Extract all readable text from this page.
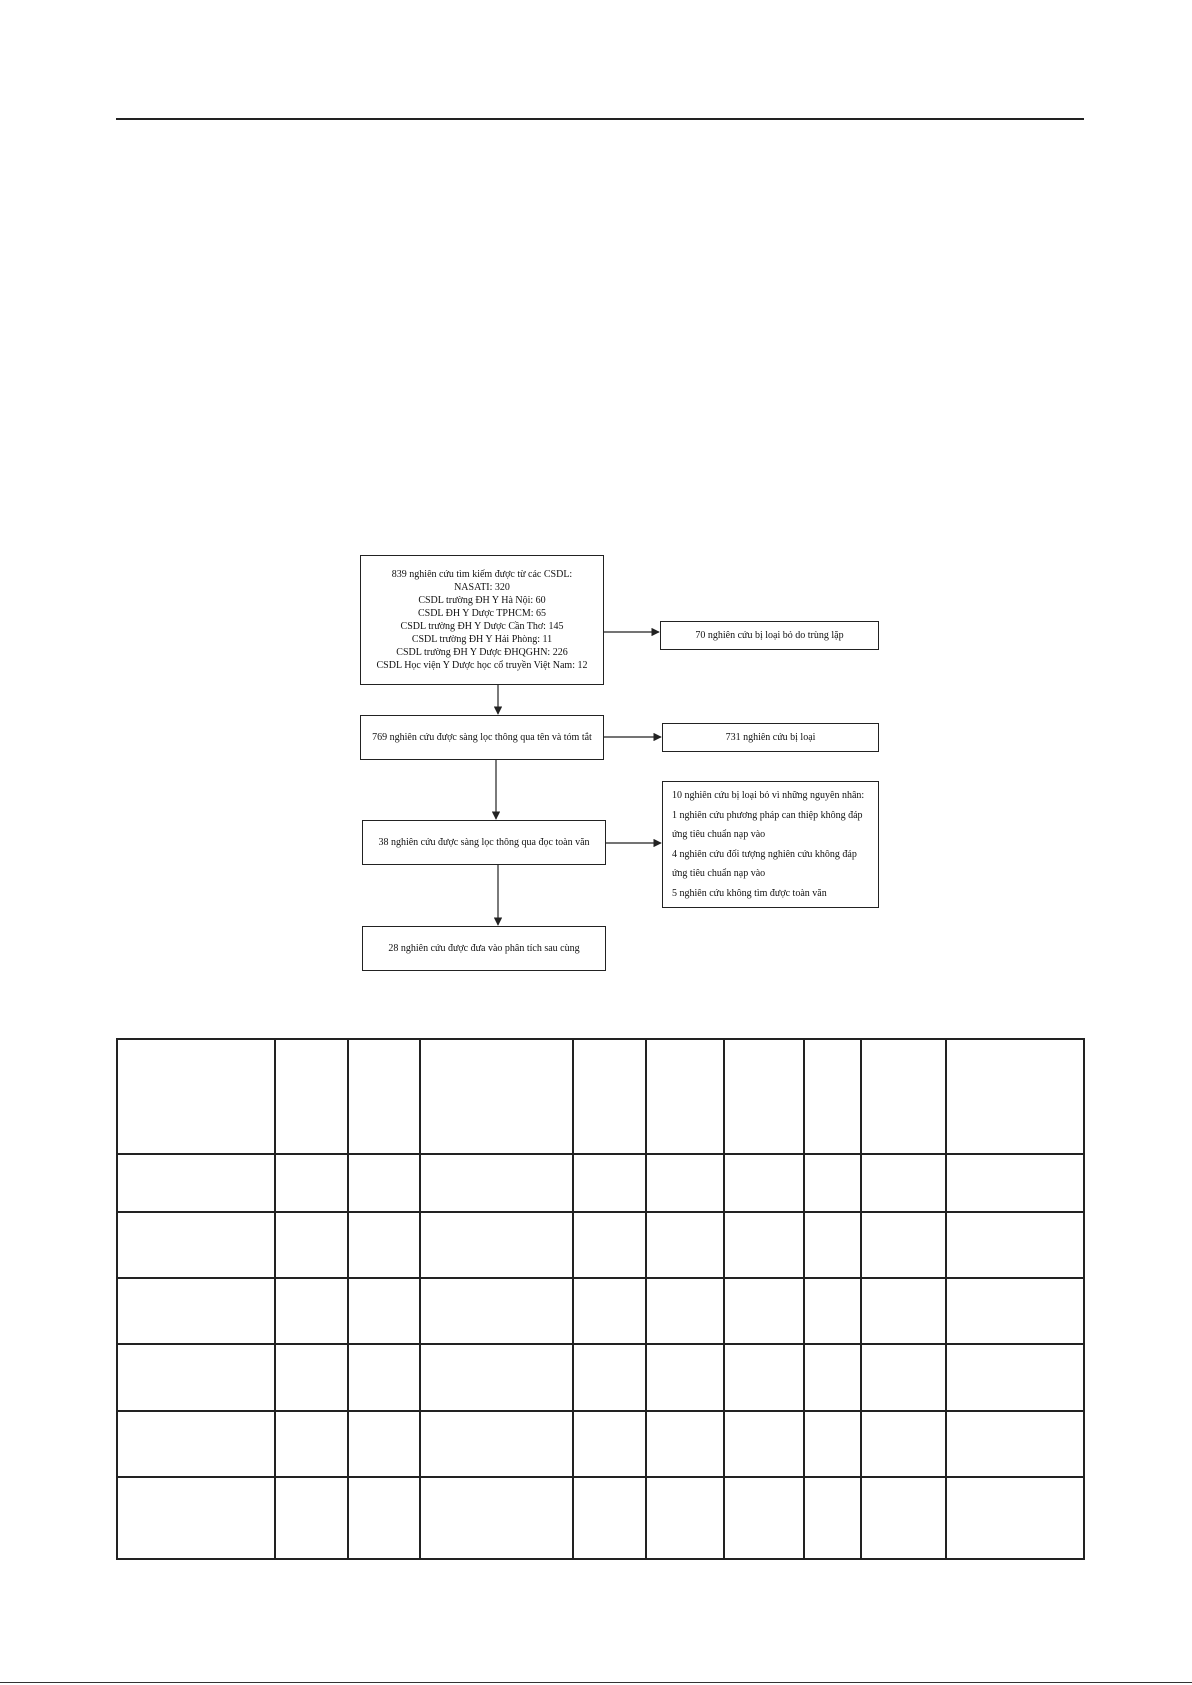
839 nghiên cứu tìm kiếm được từ các CSDL:
NASATI: 320
CSDL trường ĐH Y Hà Nội: 60
CSDL ĐH Y Dược TPHCM: 65
CSDL trường ĐH Y Dược Cần Thơ: 145
CSDL trường ĐH Y Hải Phòng: 11
CSDL trường ĐH Y Dược ĐHQGHN: 226
CSDL Học viện Y Dược học cổ truyền Việt Nam: 12
70 nghiên cứu bị loại bỏ do trùng lặp
769 nghiên cứu được sàng lọc thông qua tên và tóm tắt	731 nghiên cứu bị loại
38 nghiên cứu được sàng lọc thông qua đọc toàn văn
10 nghiên cứu bị loại bỏ vì những nguyên nhân:
1 nghiên cứu phương pháp can thiệp không đáp
ứng tiêu chuẩn nạp vào
4 nghiên cứu đối tượng nghiên cứu không đáp
ứng tiêu chuẩn nạp vào
5 nghiên cứu không tìm được toàn văn
28 nghiên cứu được đưa vào phân tích sau cùng
